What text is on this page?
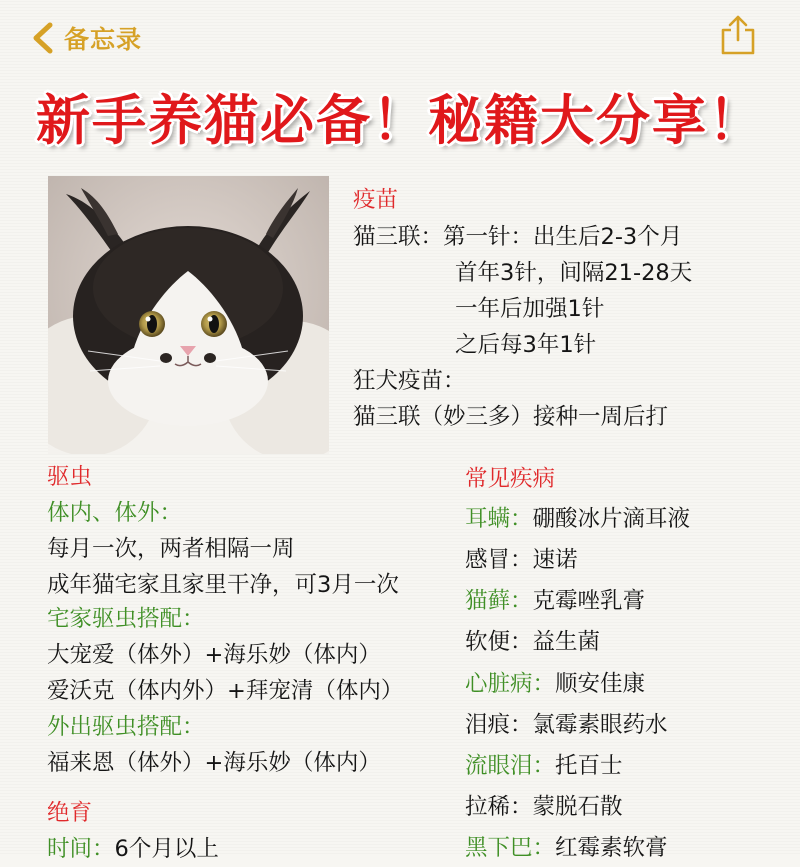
备忘录
新手养猫必备！秘籍大分享！
疫苗
猫三联：第一针：出生后2-3个月
首年3针，间隔21-28天
一年后加强1针
之后每3年1针
狂犬疫苗：
猫三联（妙三多）接种一周后打
驱虫
体内、体外：
每月一次，两者相隔一周
成年猫宅家且家里干净，可3月一次
宅家驱虫搭配：
大宠爱（体外）+海乐妙（体内）
爱沃克（体内外）+拜宠清（体内）
外出驱虫搭配：
福来恩（体外）+海乐妙（体内）
绝育
时间：6个月以上
常见疾病
耳螨：硼酸冰片滴耳液
感冒：速诺
猫藓：克霉唑乳膏
软便：益生菌
心脏病：顺安佳康
泪痕：氯霉素眼药水
流眼泪：托百士
拉稀：蒙脱石散
黑下巴：红霉素软膏
